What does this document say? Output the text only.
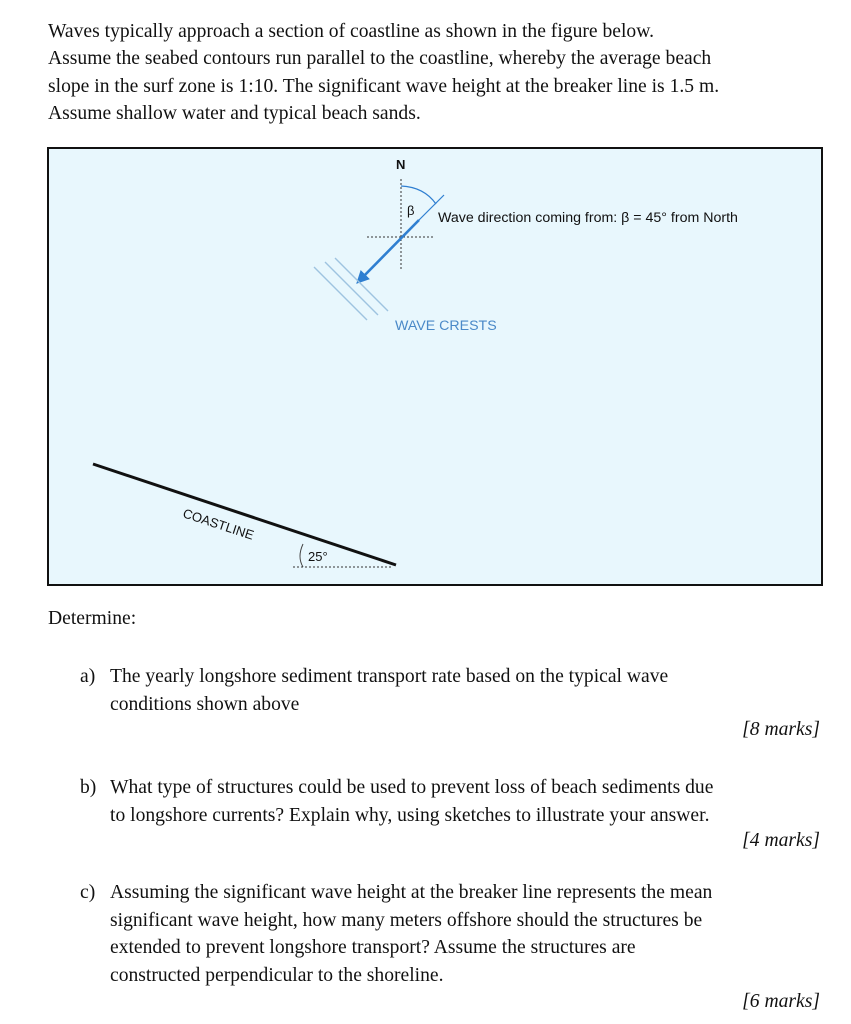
Waves typically approach a section of coastline as shown in the figure below.
Assume the seabed contours run parallel to the coastline, whereby the average beach
slope in the surf zone is 1:10. The significant wave height at the breaker line is 1.5 m.
Assume shallow water and typical beach sands.
N
β Wave direction coming from: β = 45° from North
WAVE CRESTS
COASTLINE
25°
Determine:
a) The yearly longshore sediment transport rate based on the typical wave
conditions shown above
[8 marks]
b) What type of structures could be used to prevent loss of beach sediments due
to longshore currents? Explain why, using sketches to illustrate your answer.
[4 marks]
c) Assuming the significant wave height at the breaker line represents the mean
significant wave height, how many meters offshore should the structures be
extended to prevent longshore transport? Assume the structures are
constructed perpendicular to the shoreline.
[6 marks]
